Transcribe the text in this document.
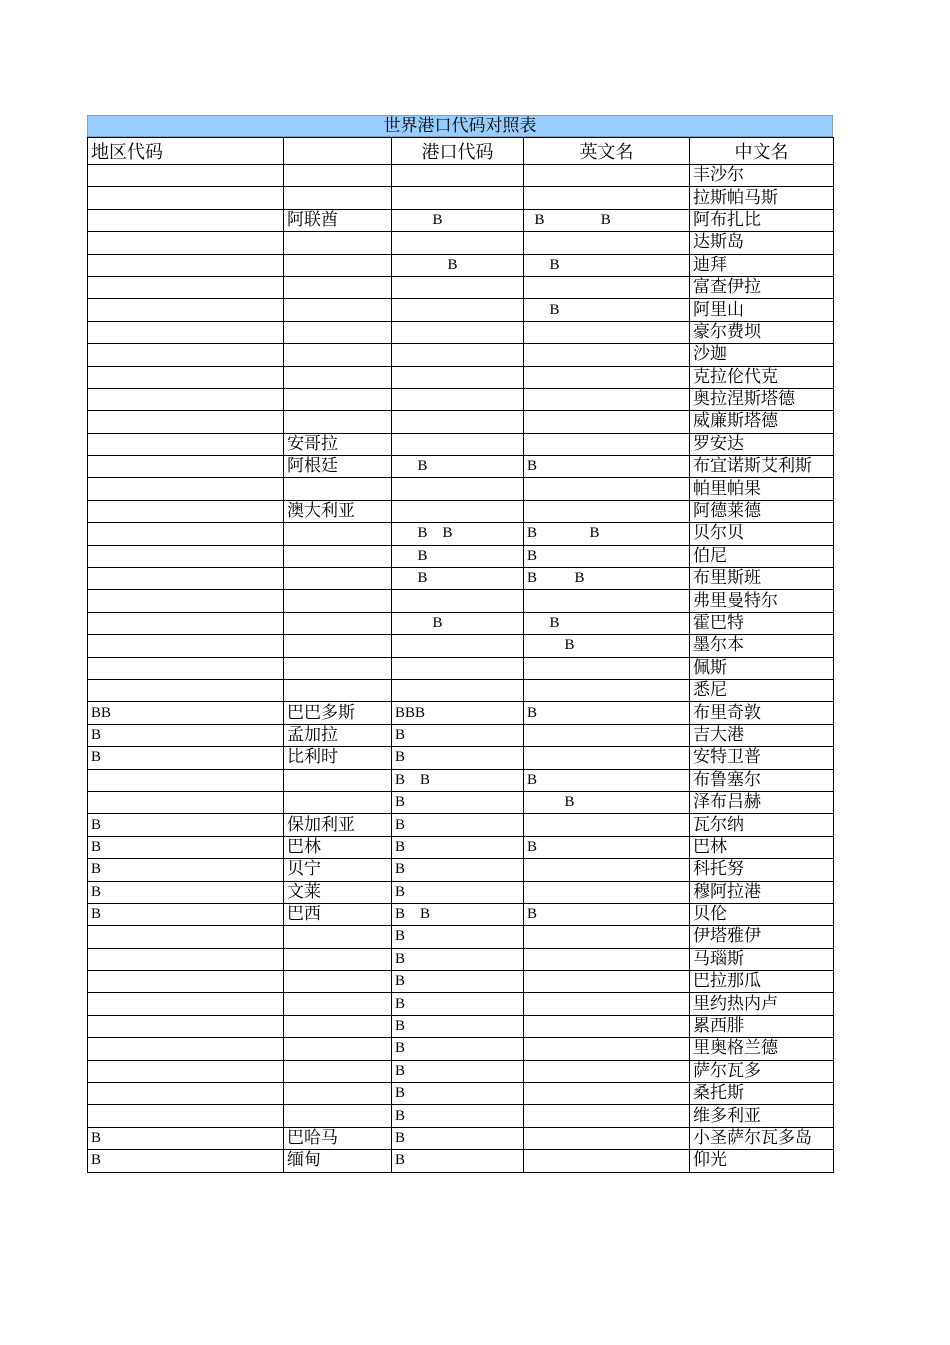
世界港口代码对照表
地区代码		港口代码	英文名	中文名
				丰沙尔
				拉斯帕马斯
	阿联酋	B	B               B	阿布扎比
				达斯岛
		B	B	迪拜
				富查伊拉
			B	阿里山
				豪尔费坝
				沙迦
				克拉伦代克
				奥拉涅斯塔德
				威廉斯塔德
	安哥拉			罗安达
	阿根廷	B	B	布宜诺斯艾利斯
				帕里帕果
	澳大利亚			阿德莱德
		B    B	B              B	贝尔贝
		B	B	伯尼
		B	B          B	布里斯班
				弗里曼特尔
		B	B	霍巴特
			B	墨尔本
				佩斯
				悉尼
BB	巴巴多斯	BBB	B	布里奇敦
B	孟加拉	B		吉大港
B	比利时	B		安特卫普
		B    B	B	布鲁塞尔
		B	B	泽布吕赫
B	保加利亚	B		瓦尔纳
B	巴林	B	B	巴林
B	贝宁	B		科托努
B	文莱	B		穆阿拉港
B	巴西	B    B	B	贝伦
		B		伊塔雅伊
		B		马瑙斯
		B		巴拉那瓜
		B		里约热内卢
		B		累西腓
		B		里奥格兰德
		B		萨尔瓦多
		B		桑托斯
		B		维多利亚
B	巴哈马	B		小圣萨尔瓦多岛
B	缅甸	B		仰光
